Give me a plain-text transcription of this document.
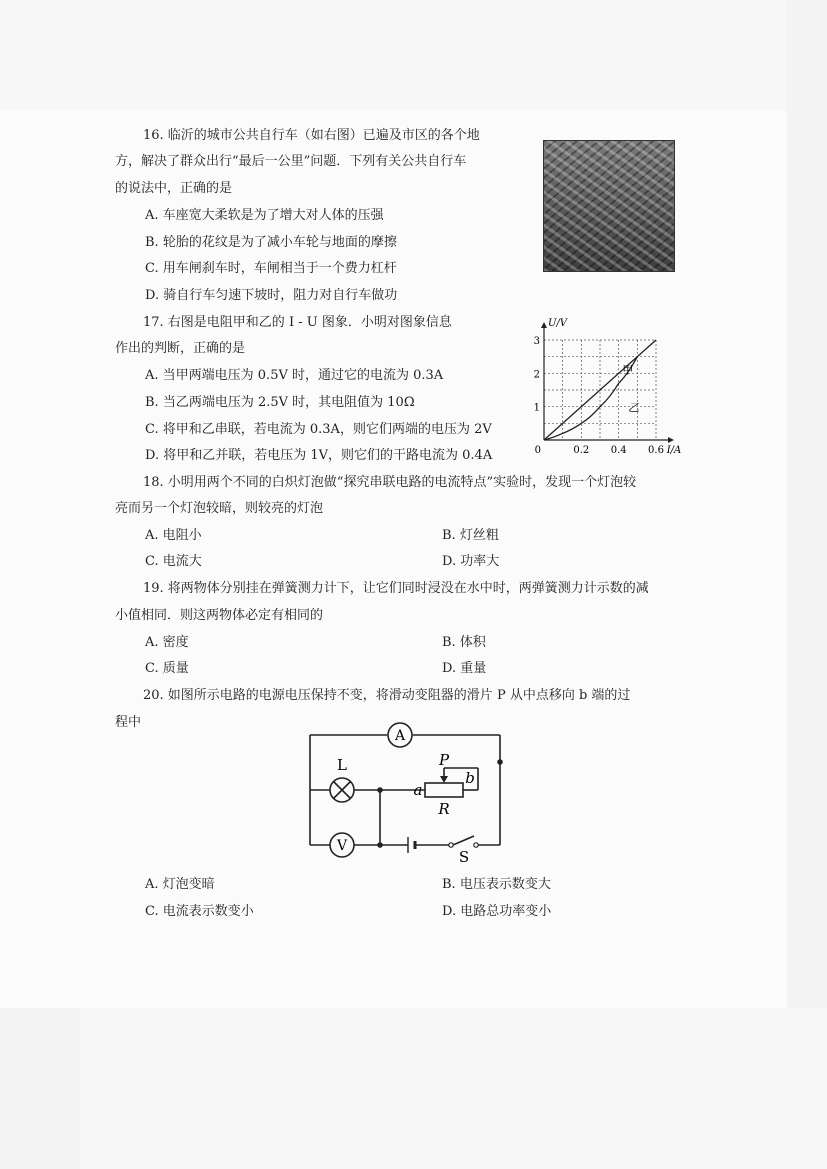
16. 临沂的城市公共自行车（如右图）已遍及市区的各个地
方，解决了群众出行“最后一公里”问题．下列有关公共自行车
的说法中，正确的是
A. 车座宽大柔软是为了增大对人体的压强
B. 轮胎的花纹是为了减小车轮与地面的摩擦
C. 用车闸刹车时，车闸相当于一个费力杠杆
D. 骑自行车匀速下坡时，阻力对自行车做功
17. 右图是电阻甲和乙的 I - U 图象．小明对图象信息
作出的判断，正确的是
A. 当甲两端电压为 0.5V 时，通过它的电流为 0.3A
B. 当乙两端电压为 2.5V 时，其电阻值为 10Ω
C. 将甲和乙串联，若电流为 0.3A，则它们两端的电压为 2V
D. 将甲和乙并联，若电压为 1V，则它们的干路电流为 0.4A	0.2 0.4 0.6
1
2
3
0	I/A
U/V
甲
乙
18. 小明用两个不同的白炽灯泡做“探究串联电路的电流特点”实验时，发现一个灯泡较
亮而另一个灯泡较暗，则较亮的灯泡
A. 电阻小	B. 灯丝粗
C. 电流大	D. 功率大
19. 将两物体分别挂在弹簧测力计下，让它们同时浸没在水中时，两弹簧测力计示数的减
小值相同．则这两物体必定有相同的
A. 密度	B. 体积
C. 质量	D. 重量
20. 如图所示电路的电源电压保持不变，将滑动变阻器的滑片 P 从中点移向 b 端的过
程中
A
V
L	P
a
b
R
S
A. 灯泡变暗	B. 电压表示数变大
C. 电流表示数变小	D. 电路总功率变小
